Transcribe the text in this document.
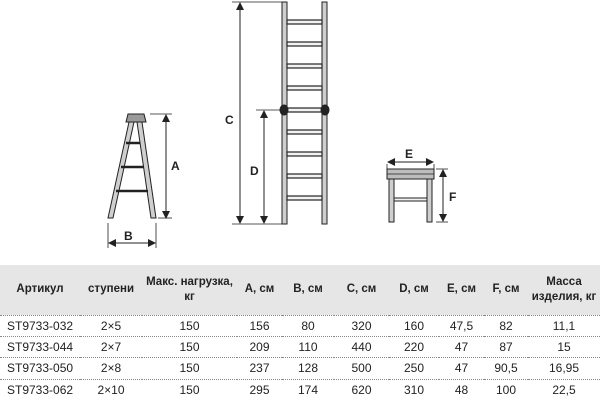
A
B
C
D
E
F
Артикул	ступени	Макс. нагрузка, кг	A, см	B, см	C, см	D, см	E, см	F, см	Масса изделия, кг
ST9733-032	2×5	150	156	80	320	160	47,5	82	11,1
ST9733-044	2×7	150	209	110	440	220	47	87	15
ST9733-050	2×8	150	237	128	500	250	47	90,5	16,95
ST9733-062	2×10	150	295	174	620	310	48	100	22,5
